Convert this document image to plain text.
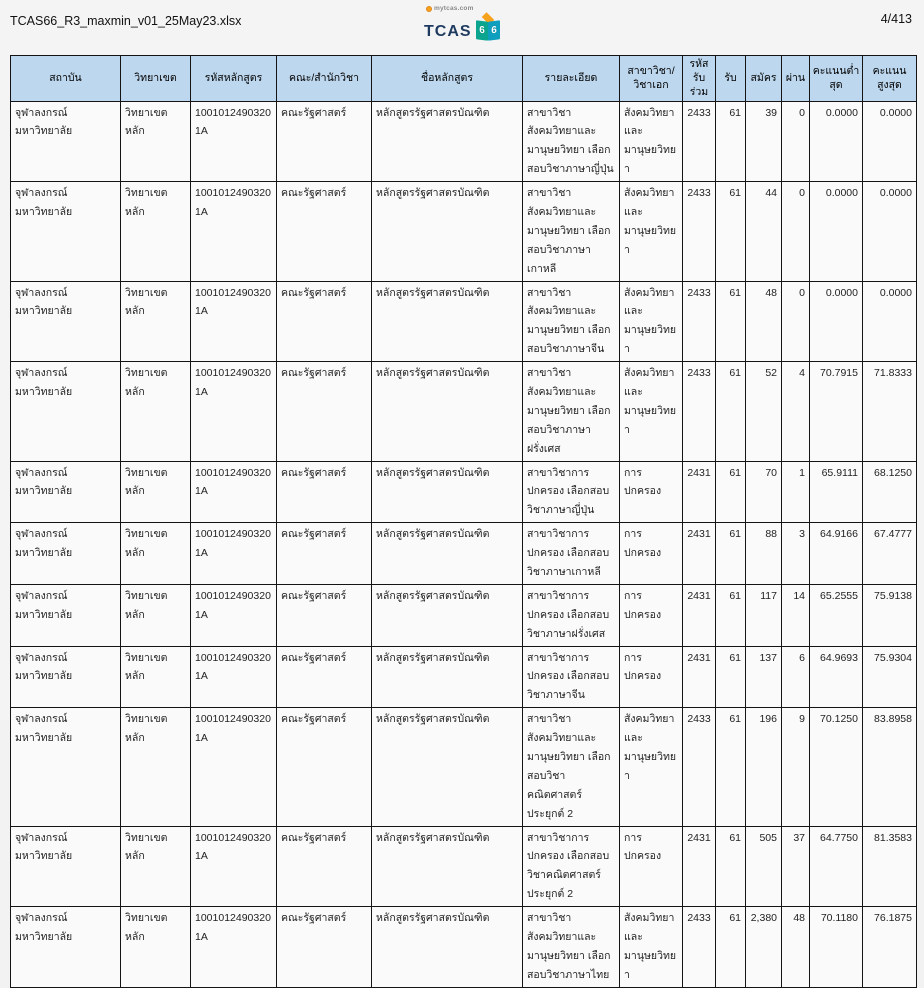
TCAS66_R3_maxmin_v01_25May23.xlsx
mytcas.com
TCAS 6 6
4/413
สถาบัน	วิทยาเขต	รหัสหลักสูตร	คณะ/สำนักวิชา	ชื่อหลักสูตร	รายละเอียด	สาขาวิชา/วิชาเอก	รหัสรับร่วม	รับ	สมัคร	ผ่าน	คะแนนต่ำสุด	คะแนนสูงสุด
จุฬาลงกรณ์มหาวิทยาลัย	วิทยาเขตหลัก	10010124903201A	คณะรัฐศาสตร์	หลักสูตรรัฐศาสตรบัณฑิต	สาขาวิชาสังคมวิทยาและมานุษยวิทยา เลือกสอบวิชาภาษาญี่ปุ่น	สังคมวิทยาและมานุษยวิทยา	2433	61	39	0	0.0000	0.0000
จุฬาลงกรณ์มหาวิทยาลัย	วิทยาเขตหลัก	10010124903201A	คณะรัฐศาสตร์	หลักสูตรรัฐศาสตรบัณฑิต	สาขาวิชาสังคมวิทยาและมานุษยวิทยา เลือกสอบวิชาภาษาเกาหลี	สังคมวิทยาและมานุษยวิทยา	2433	61	44	0	0.0000	0.0000
จุฬาลงกรณ์มหาวิทยาลัย	วิทยาเขตหลัก	10010124903201A	คณะรัฐศาสตร์	หลักสูตรรัฐศาสตรบัณฑิต	สาขาวิชาสังคมวิทยาและมานุษยวิทยา เลือกสอบวิชาภาษาจีน	สังคมวิทยาและมานุษยวิทยา	2433	61	48	0	0.0000	0.0000
จุฬาลงกรณ์มหาวิทยาลัย	วิทยาเขตหลัก	10010124903201A	คณะรัฐศาสตร์	หลักสูตรรัฐศาสตรบัณฑิต	สาขาวิชาสังคมวิทยาและมานุษยวิทยา เลือกสอบวิชาภาษาฝรั่งเศส	สังคมวิทยาและมานุษยวิทยา	2433	61	52	4	70.7915	71.8333
จุฬาลงกรณ์มหาวิทยาลัย	วิทยาเขตหลัก	10010124903201A	คณะรัฐศาสตร์	หลักสูตรรัฐศาสตรบัณฑิต	สาขาวิชาการปกครอง เลือกสอบวิชาภาษาญี่ปุ่น	การปกครอง	2431	61	70	1	65.9111	68.1250
จุฬาลงกรณ์มหาวิทยาลัย	วิทยาเขตหลัก	10010124903201A	คณะรัฐศาสตร์	หลักสูตรรัฐศาสตรบัณฑิต	สาขาวิชาการปกครอง เลือกสอบวิชาภาษาเกาหลี	การปกครอง	2431	61	88	3	64.9166	67.4777
จุฬาลงกรณ์มหาวิทยาลัย	วิทยาเขตหลัก	10010124903201A	คณะรัฐศาสตร์	หลักสูตรรัฐศาสตรบัณฑิต	สาขาวิชาการปกครอง เลือกสอบวิชาภาษาฝรั่งเศส	การปกครอง	2431	61	117	14	65.2555	75.9138
จุฬาลงกรณ์มหาวิทยาลัย	วิทยาเขตหลัก	10010124903201A	คณะรัฐศาสตร์	หลักสูตรรัฐศาสตรบัณฑิต	สาขาวิชาการปกครอง เลือกสอบวิชาภาษาจีน	การปกครอง	2431	61	137	6	64.9693	75.9304
จุฬาลงกรณ์มหาวิทยาลัย	วิทยาเขตหลัก	10010124903201A	คณะรัฐศาสตร์	หลักสูตรรัฐศาสตรบัณฑิต	สาขาวิชาสังคมวิทยาและมานุษยวิทยา เลือกสอบวิชาคณิตศาสตร์ประยุกต์ 2	สังคมวิทยาและมานุษยวิทยา	2433	61	196	9	70.1250	83.8958
จุฬาลงกรณ์มหาวิทยาลัย	วิทยาเขตหลัก	10010124903201A	คณะรัฐศาสตร์	หลักสูตรรัฐศาสตรบัณฑิต	สาขาวิชาการปกครอง เลือกสอบวิชาคณิตศาสตร์ประยุกต์ 2	การปกครอง	2431	61	505	37	64.7750	81.3583
จุฬาลงกรณ์มหาวิทยาลัย	วิทยาเขตหลัก	10010124903201A	คณะรัฐศาสตร์	หลักสูตรรัฐศาสตรบัณฑิต	สาขาวิชาสังคมวิทยาและมานุษยวิทยา เลือกสอบวิชาภาษาไทย	สังคมวิทยาและมานุษยวิทยา	2433	61	2,380	48	70.1180	76.1875
